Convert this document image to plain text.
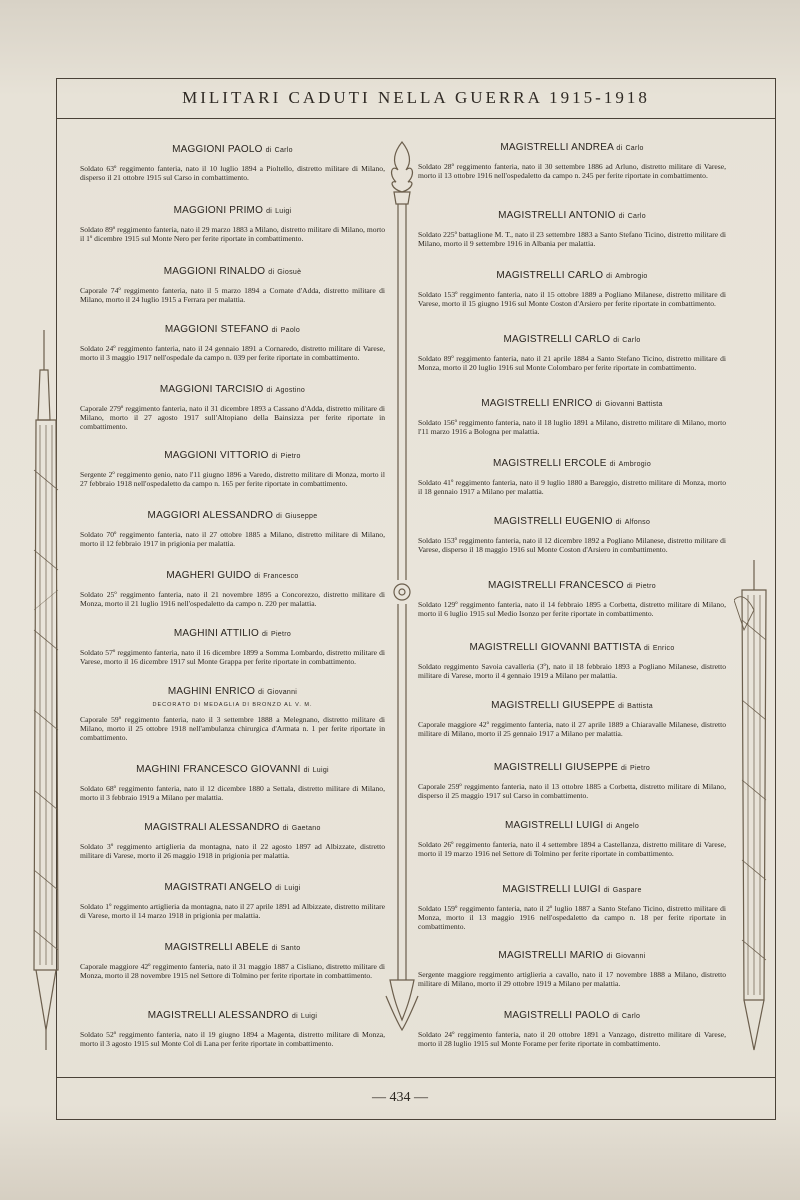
MILITARI CADUTI NELLA GUERRA 1915-1918
MAGGIONI PAOLO di Carlo
Soldato 63º reggimento fanteria, nato il 10 luglio 1894 a Pioltello, distretto militare di Milano, disperso il 21 ottobre 1915 sul Carso in combattimento.
MAGGIONI PRIMO di Luigi
Soldato 89º reggimento fanteria, nato il 29 marzo 1883 a Milano, distretto militare di Milano, morto il 1º dicembre 1915 sul Monte Nero per ferite riportate in combattimento.
MAGGIONI RINALDO di Giosuè
Caporale 74º reggimento fanteria, nato il 5 marzo 1894 a Cornate d'Adda, distretto militare di Milano, morto il 24 luglio 1915 a Ferrara per malattia.
MAGGIONI STEFANO di Paolo
Soldato 24º reggimento fanteria, nato il 24 gennaio 1891 a Cornaredo, distretto militare di Varese, morto il 3 maggio 1917 nell'ospedale da campo n. 039 per ferite riportate in combattimento.
MAGGIONI TARCISIO di Agostino
Caporale 279º reggimento fanteria, nato il 31 dicembre 1893 a Cassano d'Adda, distretto militare di Milano, morto il 27 agosto 1917 sull'Altopiano della Bainsizza per ferite riportate in combattimento.
MAGGIONI VITTORIO di Pietro
Sergente 2º reggimento genio, nato l'11 giugno 1896 a Varedo, distretto militare di Monza, morto il 27 febbraio 1918 nell'ospedaletto da campo n. 165 per ferite riportate in combattimento.
MAGGIORI ALESSANDRO di Giuseppe
Soldato 70º reggimento fanteria, nato il 27 ottobre 1885 a Milano, distretto militare di Milano, morto il 12 febbraio 1917 in prigionia per malattia.
MAGHERI GUIDO di Francesco
Soldato 25º reggimento fanteria, nato il 21 novembre 1895 a Concorezzo, distretto militare di Monza, morto il 21 luglio 1916 nell'ospedaletto da campo n. 220 per malattia.
MAGHINI ATTILIO di Pietro
Soldato 57º reggimento fanteria, nato il 16 dicembre 1899 a Somma Lombardo, distretto militare di Varese, morto il 16 dicembre 1917 sul Monte Grappa per ferite riportate in combattimento.
MAGHINI ENRICO di Giovanni
DECORATO DI MEDAGLIA DI BRONZO AL V. M.
Caporale 59º reggimento fanteria, nato il 3 settembre 1888 a Melegnano, distretto militare di Milano, morto il 25 ottobre 1918 nell'ambulanza chirurgica d'Armata n. 1 per ferite riportate in combattimento.
MAGHINI FRANCESCO GIOVANNI di Luigi
Soldato 68º reggimento fanteria, nato il 12 dicembre 1880 a Settala, distretto militare di Milano, morto il 3 febbraio 1919 a Milano per malattia.
MAGISTRALI ALESSANDRO di Gaetano
Soldato 3º reggimento artiglieria da montagna, nato il 22 agosto 1897 ad Albizzate, distretto militare di Varese, morto il 26 maggio 1918 in prigionia per malattia.
MAGISTRATI ANGELO di Luigi
Soldato 1º reggimento artiglieria da montagna, nato il 27 aprile 1891 ad Albizzate, distretto militare di Varese, morto il 14 marzo 1918 in prigionia per malattia.
MAGISTRELLI ABELE di Santo
Caporale maggiore 42º reggimento fanteria, nato il 31 maggio 1887 a Cisliano, distretto militare di Monza, morto il 28 novembre 1915 nel Settore di Tolmino per ferite riportate in combattimento.
MAGISTRELLI ALESSANDRO di Luigi
Soldato 52º reggimento fanteria, nato il 19 giugno 1894 a Magenta, distretto militare di Monza, morto il 3 agosto 1915 sul Monte Col di Lana per ferite riportate in combattimento.
MAGISTRELLI ANDREA di Carlo
Soldato 28º reggimento fanteria, nato il 30 settembre 1886 ad Arluno, distretto militare di Varese, morto il 13 ottobre 1916 nell'ospedaletto da campo n. 245 per ferite riportate in combattimento.
MAGISTRELLI ANTONIO di Carlo
Soldato 225º battaglione M. T., nato il 23 settembre 1883 a Santo Stefano Ticino, distretto militare di Milano, morto il 9 settembre 1916 in Albania per malattia.
MAGISTRELLI CARLO di Ambrogio
Soldato 153º reggimento fanteria, nato il 15 ottobre 1889 a Pogliano Milanese, distretto militare di Varese, morto il 15 giugno 1916 sul Monte Coston d'Arsiero per ferite riportate in combattimento.
MAGISTRELLI CARLO di Carlo
Soldato 89º reggimento fanteria, nato il 21 aprile 1884 a Santo Stefano Ticino, distretto militare di Monza, morto il 20 luglio 1916 sul Monte Colombaro per ferite riportate in combattimento.
MAGISTRELLI ENRICO di Giovanni Battista
Soldato 156º reggimento fanteria, nato il 18 luglio 1891 a Milano, distretto militare di Milano, morto l'11 marzo 1916 a Bologna per malattia.
MAGISTRELLI ERCOLE di Ambrogio
Soldato 41º reggimento fanteria, nato il 9 luglio 1880 a Bareggio, distretto militare di Monza, morto il 18 gennaio 1917 a Milano per malattia.
MAGISTRELLI EUGENIO di Alfonso
Soldato 153º reggimento fanteria, nato il 12 dicembre 1892 a Pogliano Milanese, distretto militare di Varese, disperso il 18 maggio 1916 sul Monte Coston d'Arsiero in combattimento.
MAGISTRELLI FRANCESCO di Pietro
Soldato 129º reggimento fanteria, nato il 14 febbraio 1895 a Corbetta, distretto militare di Milano, morto il 6 luglio 1915 sul Medio Isonzo per ferite riportate in combattimento.
MAGISTRELLI GIOVANNI BATTISTA di Enrico
Soldato reggimento Savoia cavalleria (3º), nato il 18 febbraio 1893 a Pogliano Milanese, distretto militare di Varese, morto il 4 gennaio 1919 a Milano per malattia.
MAGISTRELLI GIUSEPPE di Battista
Caporale maggiore 42º reggimento fanteria, nato il 27 aprile 1889 a Chiaravalle Milanese, distretto militare di Milano, morto il 25 gennaio 1917 a Milano per malattia.
MAGISTRELLI GIUSEPPE di Pietro
Caporale 259º reggimento fanteria, nato il 13 ottobre 1885 a Corbetta, distretto militare di Milano, disperso il 25 maggio 1917 sul Carso in combattimento.
MAGISTRELLI LUIGI di Angelo
Soldato 26º reggimento fanteria, nato il 4 settembre 1894 a Castellanza, distretto militare di Varese, morto il 19 marzo 1916 nel Settore di Tolmino per ferite riportate in combattimento.
MAGISTRELLI LUIGI di Gaspare
Soldato 159º reggimento fanteria, nato il 2º luglio 1887 a Santo Stefano Ticino, distretto militare di Monza, morto il 13 maggio 1916 nell'ospedaletto da campo n. 18 per ferite riportate in combattimento.
MAGISTRELLI MARIO di Giovanni
Sergente maggiore reggimento artiglieria a cavallo, nato il 17 novembre 1888 a Milano, distretto militare di Milano, morto il 29 ottobre 1919 a Milano per malattia.
MAGISTRELLI PAOLO di Carlo
Soldato 24º reggimento fanteria, nato il 20 ottobre 1891 a Vanzago, distretto militare di Varese, morto il 28 luglio 1915 sul Monte Forame per ferite riportate in combattimento.
— 434 —
